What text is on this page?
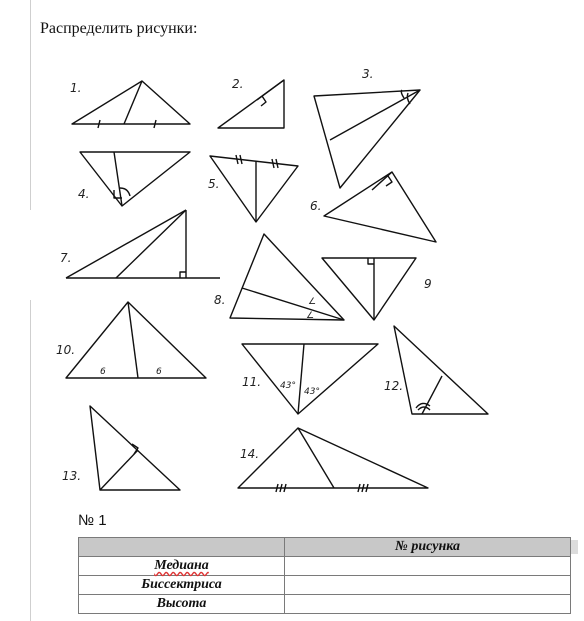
Распределить рисунки:
1.	2.
3.
4.
5.
6.
7.
∠
∠
8.
9
6	6
10.
43°
43°
11.	12.
13.
14.
№ 1
	№ рисунка
Медиана	
Биссектриса	
Высота	
